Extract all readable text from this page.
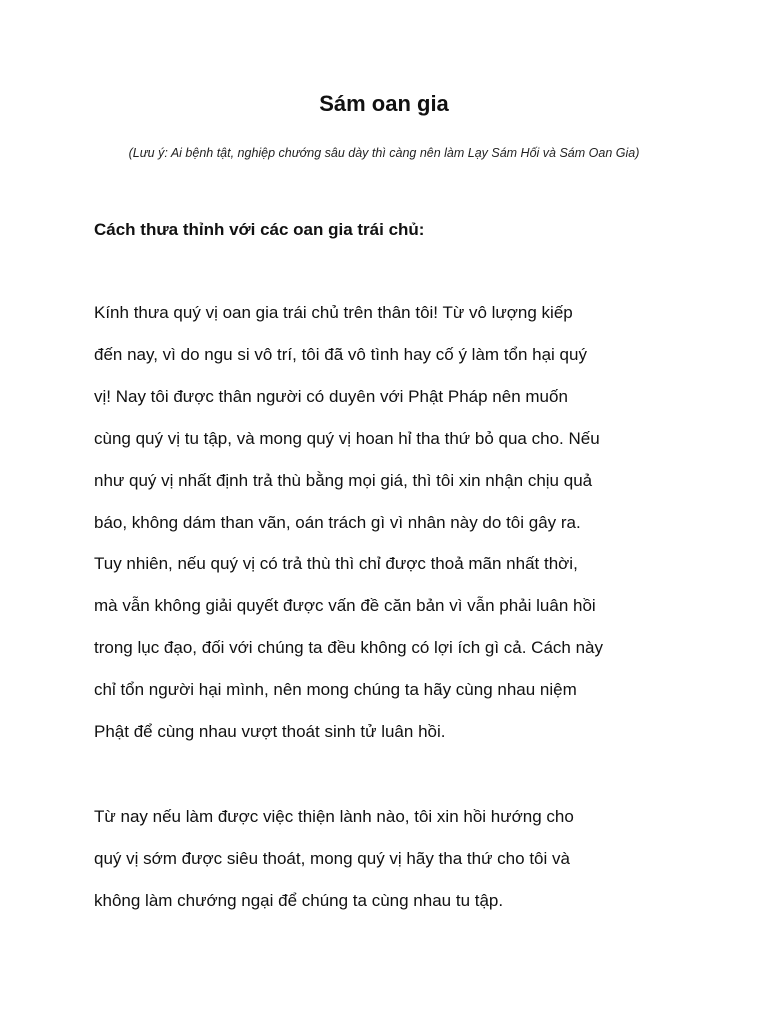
Sám oan gia

(Lưu ý: Ai bệnh tật, nghiệp chướng sâu dày thì càng nên làm Lạy Sám Hối và Sám Oan Gia)

Cách thưa thỉnh với các oan gia trái chủ:

Kính thưa quý vị oan gia trái chủ trên thân tôi! Từ vô lượng kiếp
đến nay, vì do ngu si vô trí, tôi đã vô tình hay cố ý làm tổn hại quý
vị! Nay tôi được thân người có duyên với Phật Pháp nên muốn
cùng quý vị tu tập, và mong quý vị hoan hỉ tha thứ bỏ qua cho. Nếu
như quý vị nhất định trả thù bằng mọi giá, thì tôi xin nhận chịu quả
báo, không dám than vãn, oán trách gì vì nhân này do tôi gây ra.
Tuy nhiên, nếu quý vị có trả thù thì chỉ được thoả mãn nhất thời,
mà vẫn không giải quyết được vấn đề căn bản vì vẫn phải luân hồi
trong lục đạo, đối với chúng ta đều không có lợi ích gì cả. Cách này
chỉ tổn người hại mình, nên mong chúng ta hãy cùng nhau niệm
Phật để cùng nhau vượt thoát sinh tử luân hồi.

Từ nay nếu làm được việc thiện lành nào, tôi xin hồi hướng cho
quý vị sớm được siêu thoát, mong quý vị hãy tha thứ cho tôi và
không làm chướng ngại để chúng ta cùng nhau tu tập.
